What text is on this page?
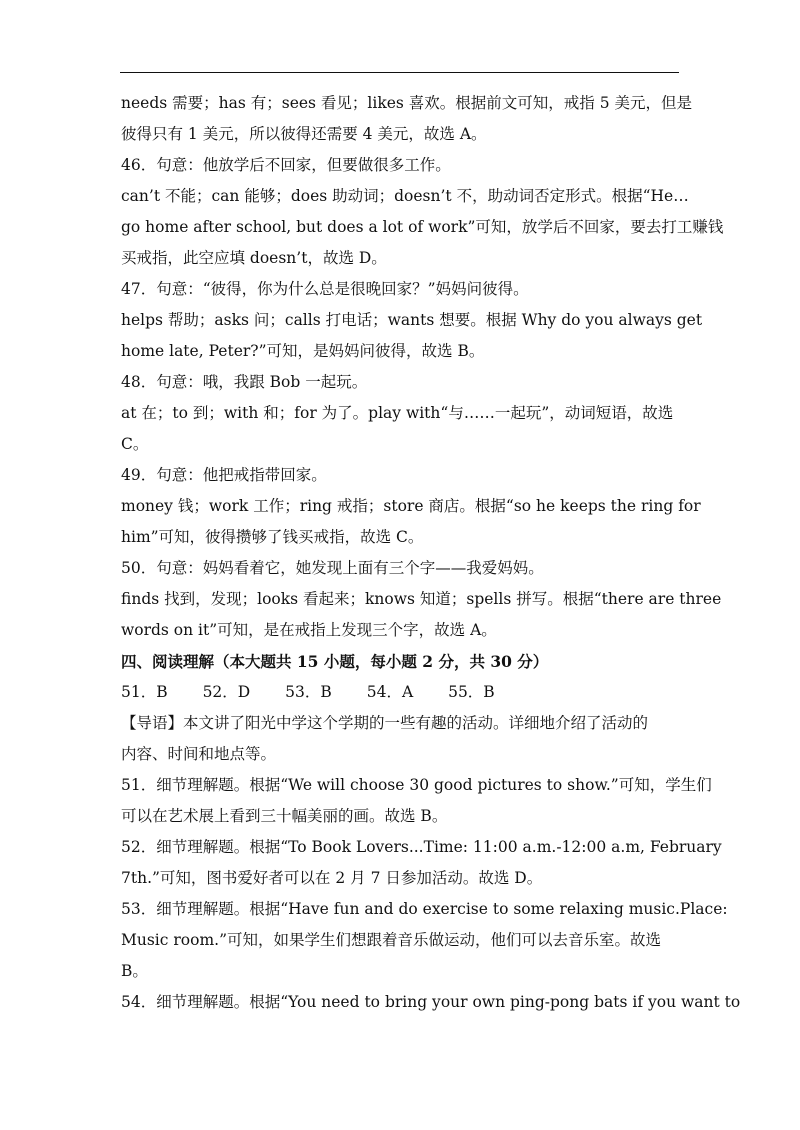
needs 需要；has 有；sees 看见；likes 喜欢。根据前文可知，戒指 5 美元，但是
彼得只有 1 美元，所以彼得还需要 4 美元，故选 A。
46．句意：他放学后不回家，但要做很多工作。
can’t 不能；can 能够；does 助动词；doesn’t 不，助动词否定形式。根据“He…
go home after school, but does a lot of work”可知，放学后不回家，要去打工赚钱
买戒指，此空应填 doesn’t，故选 D。
47．句意：“彼得，你为什么总是很晚回家？”妈妈问彼得。
helps 帮助；asks 问；calls 打电话；wants 想要。根据 Why do you always get
home late, Peter?”可知，是妈妈问彼得，故选 B。
48．句意：哦，我跟 Bob 一起玩。
at 在；to 到；with 和；for 为了。play with“与……一起玩”，动词短语，故选
C。
49．句意：他把戒指带回家。
money 钱；work 工作；ring 戒指；store 商店。根据“so he keeps the ring for
him”可知，彼得攒够了钱买戒指，故选 C。
50．句意：妈妈看着它，她发现上面有三个字——我爱妈妈。
finds 找到，发现；looks 看起来；knows 知道；spells 拼写。根据“there are three
words on it”可知，是在戒指上发现三个字，故选 A。
四、阅读理解（本大题共 15 小题，每小题 2 分，共 30 分）
51．B 52．D 53．B 54．A 55．B
【导语】本文讲了阳光中学这个学期的一些有趣的活动。详细地介绍了活动的
内容、时间和地点等。
51．细节理解题。根据“We will choose 30 good pictures to show.”可知，学生们
可以在艺术展上看到三十幅美丽的画。故选 B。
52．细节理解题。根据“To Book Lovers...Time: 11:00 a.m.-12:00 a.m, February
7th.”可知，图书爱好者可以在 2 月 7 日参加活动。故选 D。
53．细节理解题。根据“Have fun and do exercise to some relaxing music.Place:
Music room.”可知，如果学生们想跟着音乐做运动，他们可以去音乐室。故选
B。
54．细节理解题。根据“You need to bring your own ping-pong bats if you want to
